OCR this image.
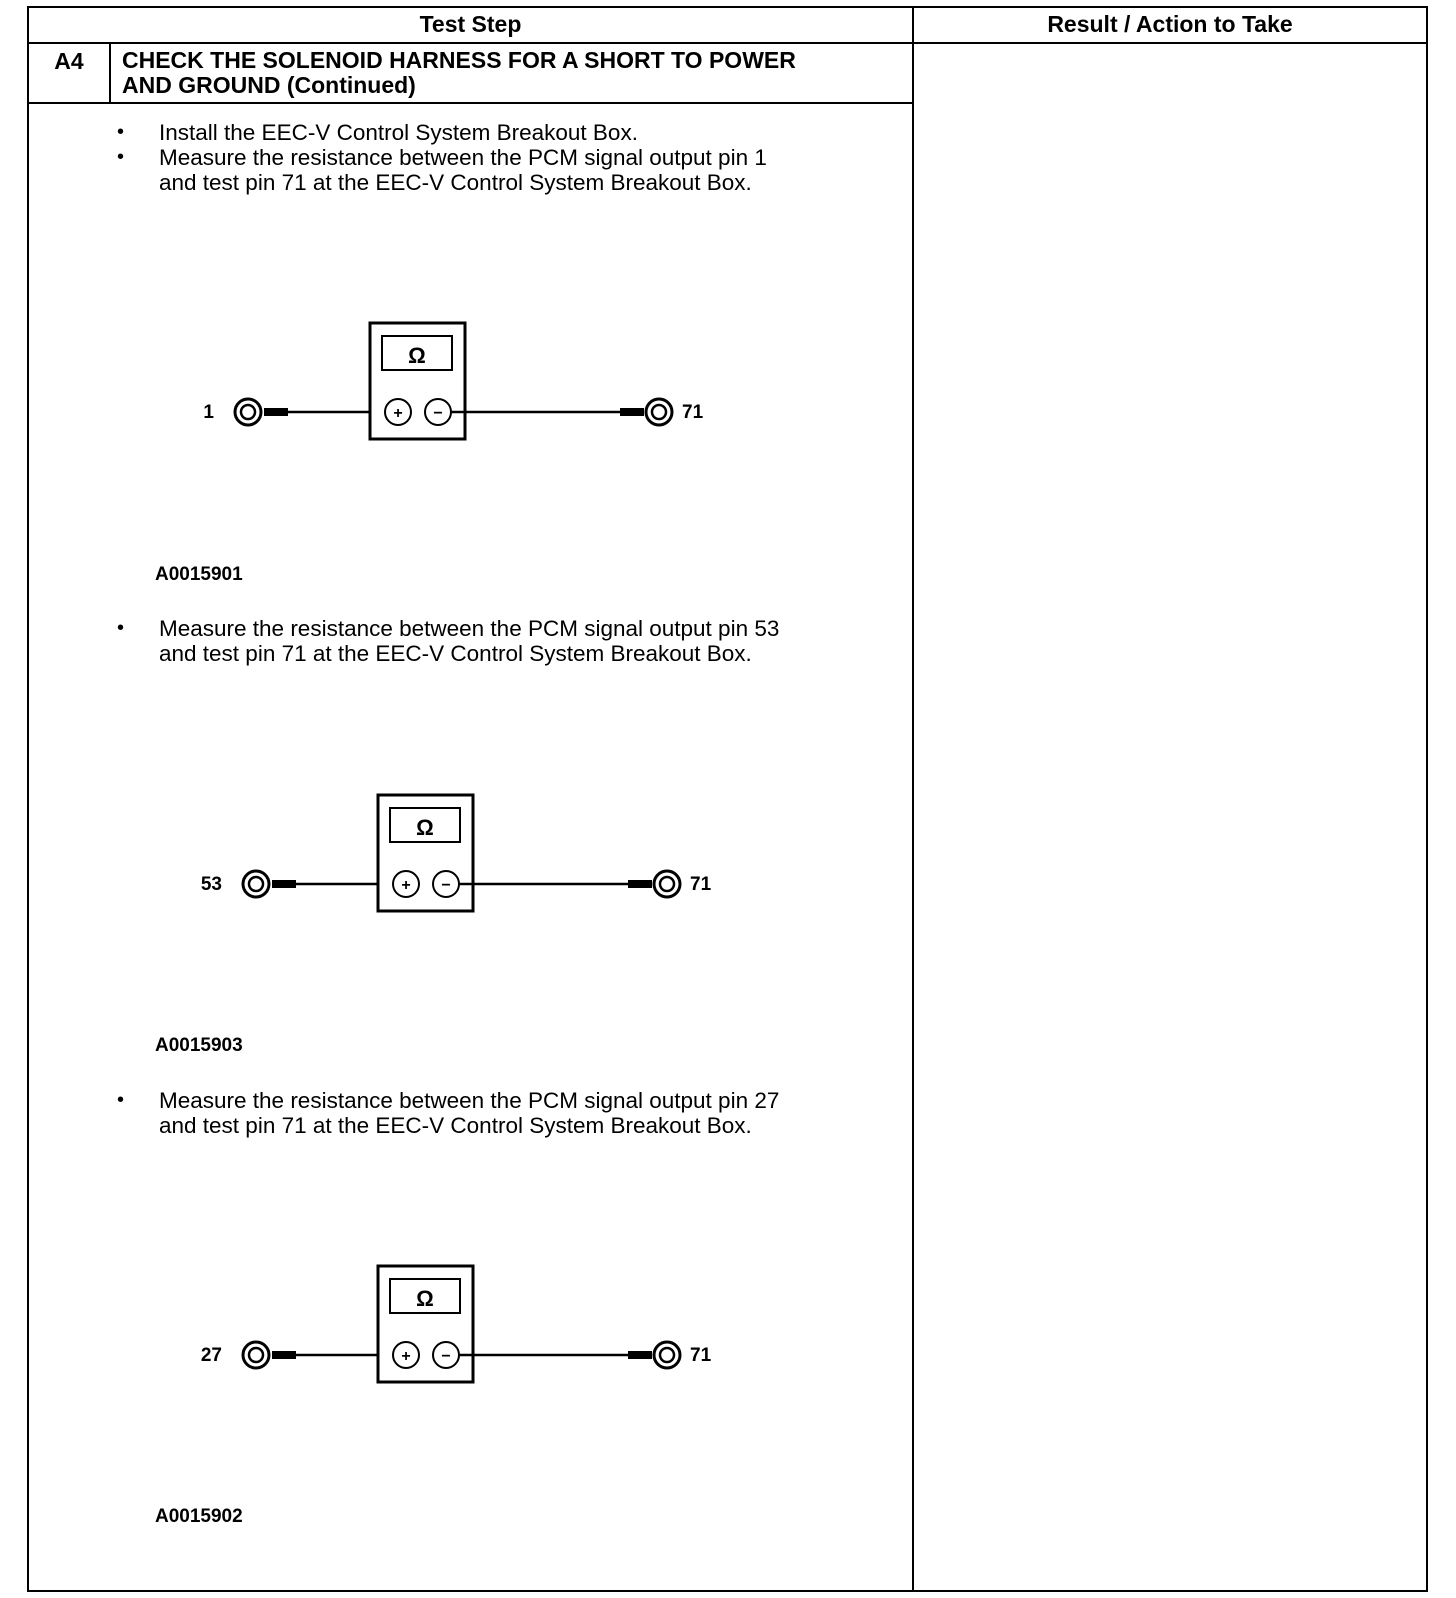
Test Step	Result / Action to Take
A4	CHECK THE SOLENOID HARNESS FOR A SHORT TO POWER
AND GROUND (Continued)
• Install the EEC-V Control System Breakout Box.
• Measure the resistance between the PCM signal output pin 1
and test pin 71 at the EEC-V Control System Breakout Box.
1
Ω
+ −	71
A0015901
• Measure the resistance between the PCM signal output pin 53
and test pin 71 at the EEC-V Control System Breakout Box.
53
Ω
+ −	71
A0015903
• Measure the resistance between the PCM signal output pin 27
and test pin 71 at the EEC-V Control System Breakout Box.
27
Ω
+ −	71
A0015902
